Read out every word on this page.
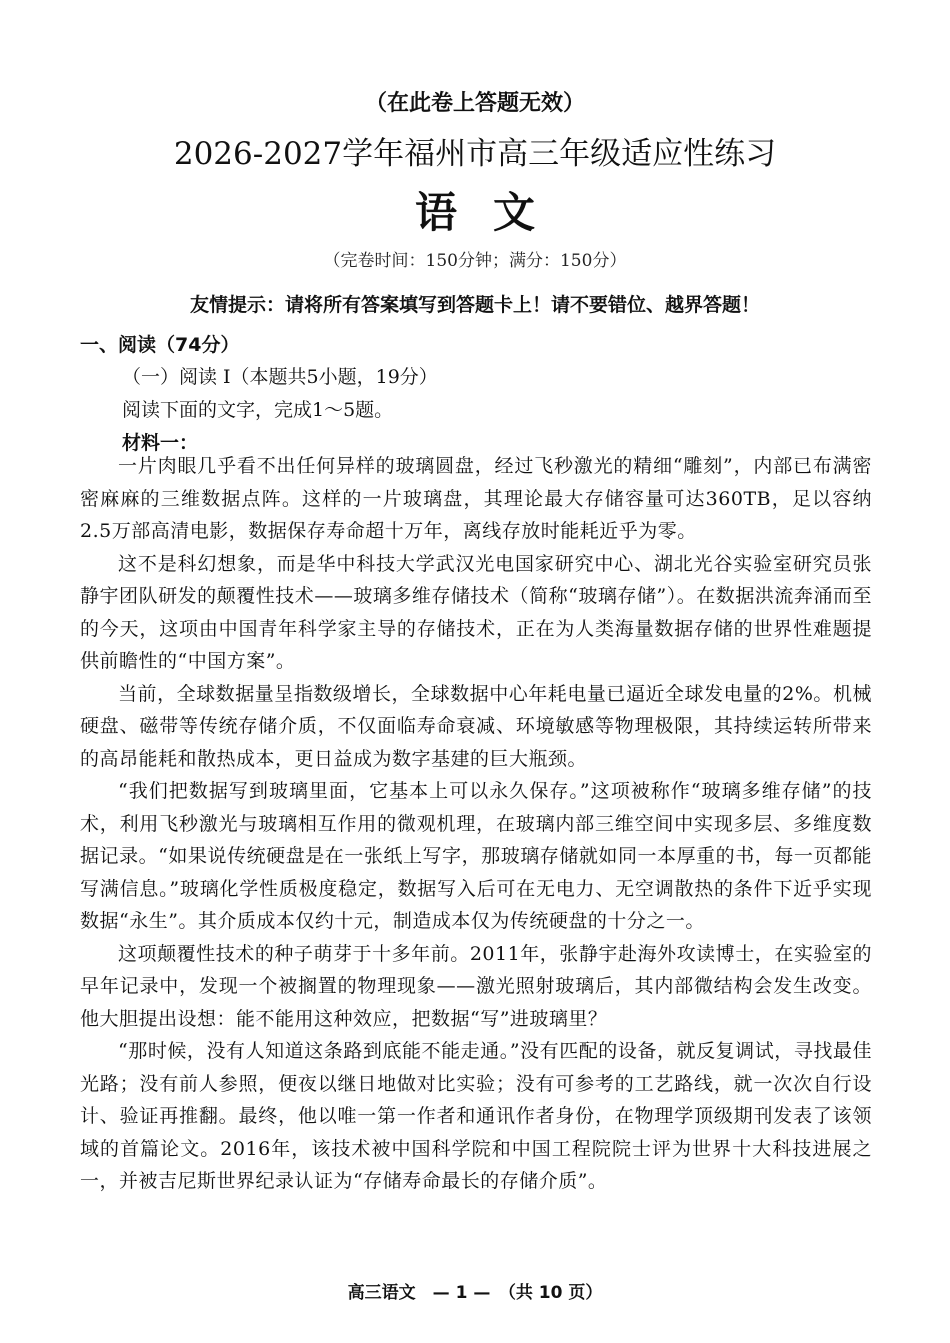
（在此卷上答题无效）
2026-2027学年福州市高三年级适应性练习
语文
（完卷时间：150分钟；满分：150分）
友情提示：请将所有答案填写到答题卡上！请不要错位、越界答题！
一、阅读（74分）
（一）阅读 I（本题共5小题，19分）
阅读下面的文字，完成1～5题。
材料一：

一片肉眼几乎看不出任何异样的玻璃圆盘，经过飞秒激光的精细“雕刻”，内部已布满密密麻麻的三维数据点阵。这样的一片玻璃盘，其理论最大存储容量可达360TB，足以容纳2.5万部高清电影，数据保存寿命超十万年，离线存放时能耗近乎为零。

这不是科幻想象，而是华中科技大学武汉光电国家研究中心、湖北光谷实验室研究员张静宇团队研发的颠覆性技术——玻璃多维存储技术（简称“玻璃存储”）。在数据洪流奔涌而至的今天，这项由中国青年科学家主导的存储技术，正在为人类海量数据存储的世界性难题提供前瞻性的“中国方案”。

当前，全球数据量呈指数级增长，全球数据中心年耗电量已逼近全球发电量的2%。机械硬盘、磁带等传统存储介质，不仅面临寿命衰减、环境敏感等物理极限，其持续运转所带来的高昂能耗和散热成本，更日益成为数字基建的巨大瓶颈。

“我们把数据写到玻璃里面，它基本上可以永久保存。”这项被称作“玻璃多维存储”的技术，利用飞秒激光与玻璃相互作用的微观机理，在玻璃内部三维空间中实现多层、多维度数据记录。“如果说传统硬盘是在一张纸上写字，那玻璃存储就如同一本厚重的书，每一页都能写满信息。”玻璃化学性质极度稳定，数据写入后可在无电力、无空调散热的条件下近乎实现数据“永生”。其介质成本仅约十元，制造成本仅为传统硬盘的十分之一。

这项颠覆性技术的种子萌芽于十多年前。2011年，张静宇赴海外攻读博士，在实验室的早年记录中，发现一个被搁置的物理现象——激光照射玻璃后，其内部微结构会发生改变。他大胆提出设想：能不能用这种效应，把数据“写”进玻璃里？

“那时候，没有人知道这条路到底能不能走通。”没有匹配的设备，就反复调试，寻找最佳光路；没有前人参照，便夜以继日地做对比实验；没有可参考的工艺路线，就一次次自行设计、验证再推翻。最终，他以唯一第一作者和通讯作者身份，在物理学顶级期刊发表了该领域的首篇论文。2016年，该技术被中国科学院和中国工程院院士评为世界十大科技进展之一，并被吉尼斯世界纪录认证为“存储寿命最长的存储介质”。

高三语文　— 1 —　（共 10 页）
